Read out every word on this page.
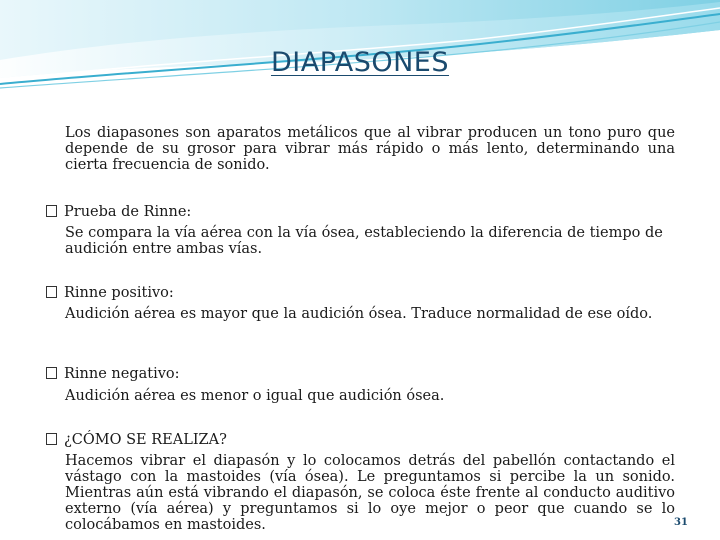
DIAPASONES
Los diapasones son aparatos metálicos que al vibrar producen un tono puro que depende de su grosor para vibrar más rápido o más lento, determinando una cierta frecuencia de sonido.
Prueba de Rinne:
Se compara la vía aérea con la vía ósea, estableciendo la diferencia de tiempo de audición entre ambas vías.
Rinne positivo:
Audición aérea es mayor que la audición ósea. Traduce normalidad de ese oído.
Rinne negativo:
Audición aérea es menor o igual que audición ósea.
¿CÓMO SE REALIZA?
Hacemos vibrar el diapasón y lo colocamos detrás del pabellón contactando el vástago con la mastoides (vía ósea). Le preguntamos si percibe la un sonido. Mientras aún está vibrando el diapasón, se coloca éste frente al conducto auditivo externo (vía aérea) y preguntamos si lo oye mejor o peor que cuando se lo colocábamos en mastoides.	31
